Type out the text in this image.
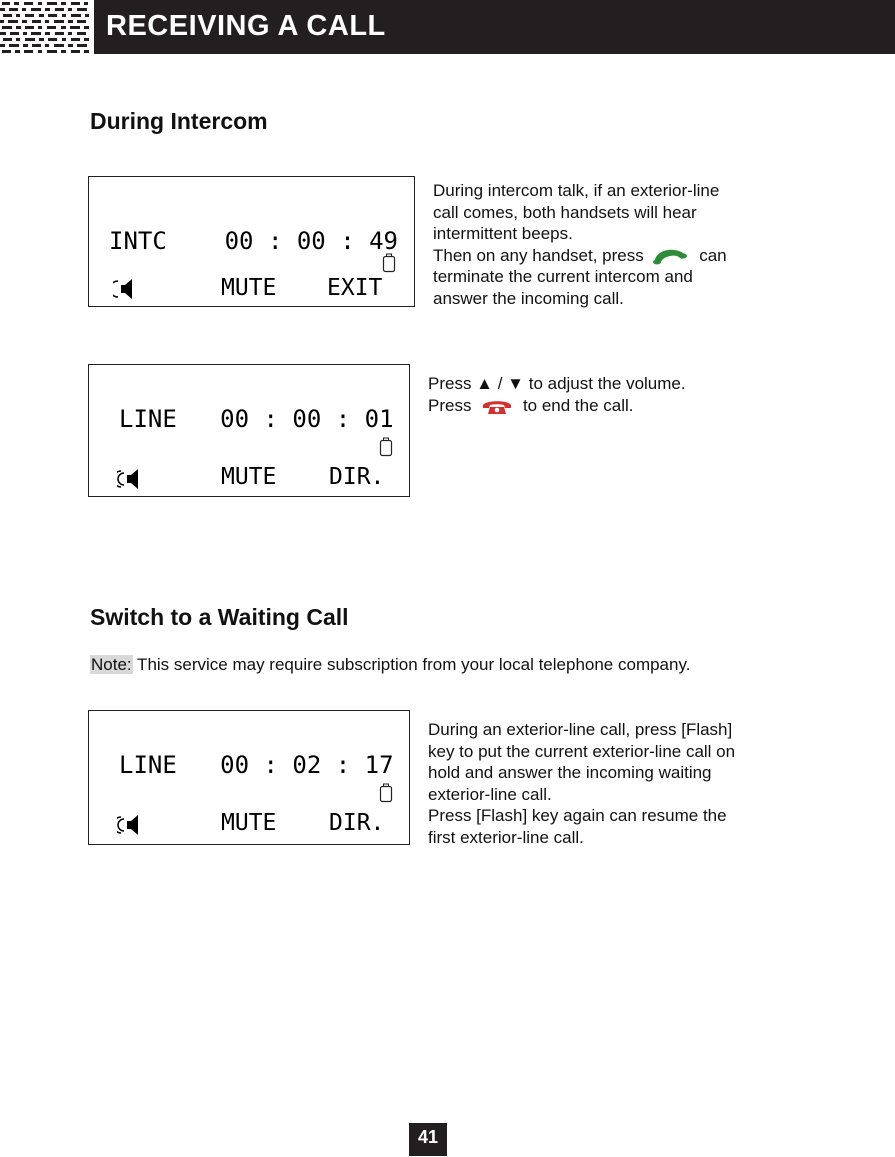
RECEIVING A CALL
During Intercom
INTC    00 : 00 : 49
MUTE EXIT

During intercom talk, if an exterior-line

call comes, both handsets will hear

intermittent beeps.

Then on any handset, press	can

terminate the current intercom and

answer the incoming call.

LINE   00 : 00 : 01
MUTE DIR.

Press ▲ / ▼ to adjust the volume.

Press	to end the call.

Switch to a Waiting Call
Note: This service may require subscription from your local telephone company.
LINE   00 : 02 : 17
MUTE DIR.

During an exterior-line call, press [Flash]

key to put the current exterior-line call on

hold and answer the incoming waiting

exterior-line call.

Press [Flash] key again can resume the

first exterior-line call.

41
